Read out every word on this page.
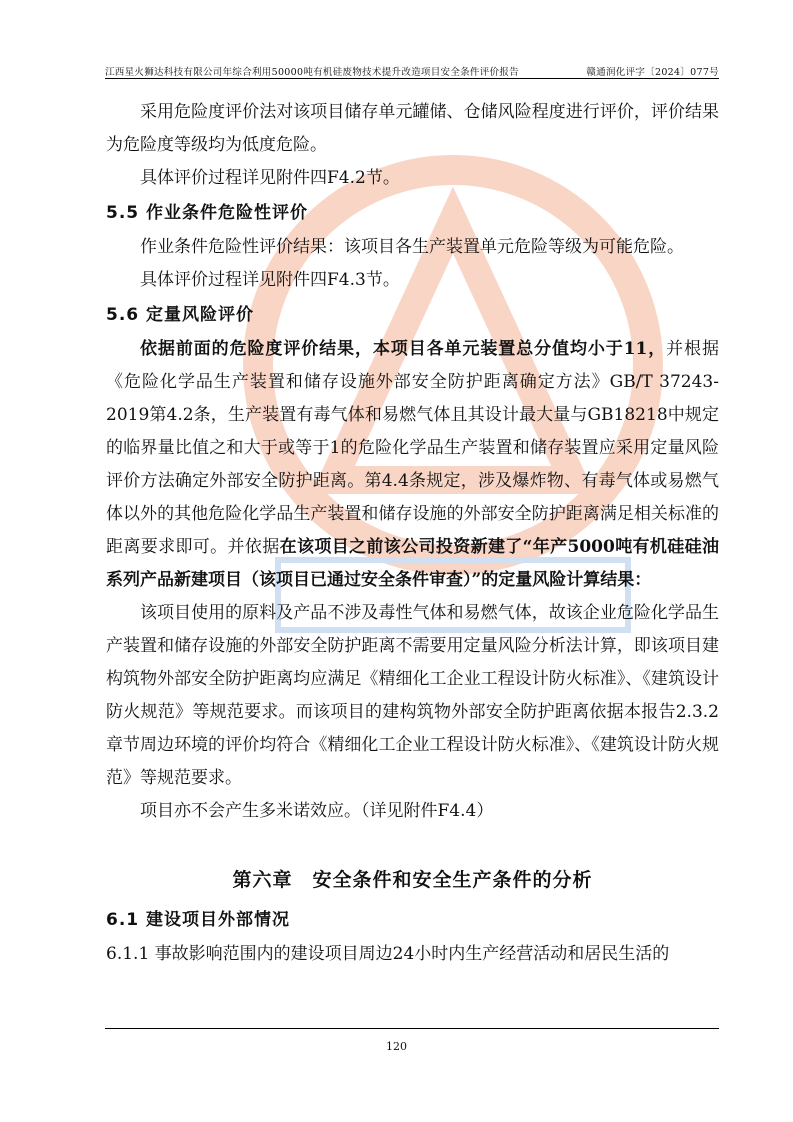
江西星火狮达科技有限公司年综合利用50000吨有机硅废物技术提升改造项目安全条件评价报告	赣通润化评字〔2024〕077号

采用危险度评价法对该项目储存单元罐储、仓储风险程度进行评价，评价结果为危险度等级均为低度危险。

具体评价过程详见附件四F4.2节。

5.5 作业条件危险性评价

作业条件危险性评价结果：该项目各生产装置单元危险等级为可能危险。

具体评价过程详见附件四F4.3节。

5.6 定量风险评价

依据前面的危险度评价结果，本项目各单元装置总分值均小于11，并根据《危险化学品生产装置和储存设施外部安全防护距离确定方法》GB/T 37243-2019第4.2条，生产装置有毒气体和易燃气体且其设计最大量与GB18218中规定的临界量比值之和大于或等于1的危险化学品生产装置和储存装置应采用定量风险评价方法确定外部安全防护距离。第4.4条规定，涉及爆炸物、有毒气体或易燃气体以外的其他危险化学品生产装置和储存设施的外部安全防护距离满足相关标准的距离要求即可。并依据在该项目之前该公司投资新建了“年产5000吨有机硅硅油系列产品新建项目（该项目已通过安全条件审查）”的定量风险计算结果：

该项目使用的原料及产品不涉及毒性气体和易燃气体，故该企业危险化学品生产装置和储存设施的外部安全防护距离不需要用定量风险分析法计算，即该项目建构筑物外部安全防护距离均应满足《精细化工企业工程设计防火标准》、《建筑设计防火规范》等规范要求。而该项目的建构筑物外部安全防护距离依据本报告2.3.2章节周边环境的评价均符合《精细化工企业工程设计防火标准》、《建筑设计防火规范》等规范要求。

项目亦不会产生多米诺效应。（详见附件F4.4）

第六章 安全条件和安全生产条件的分析
6.1 建设项目外部情况

6.1.1 事故影响范围内的建设项目周边24小时内生产经营活动和居民生活的

120
